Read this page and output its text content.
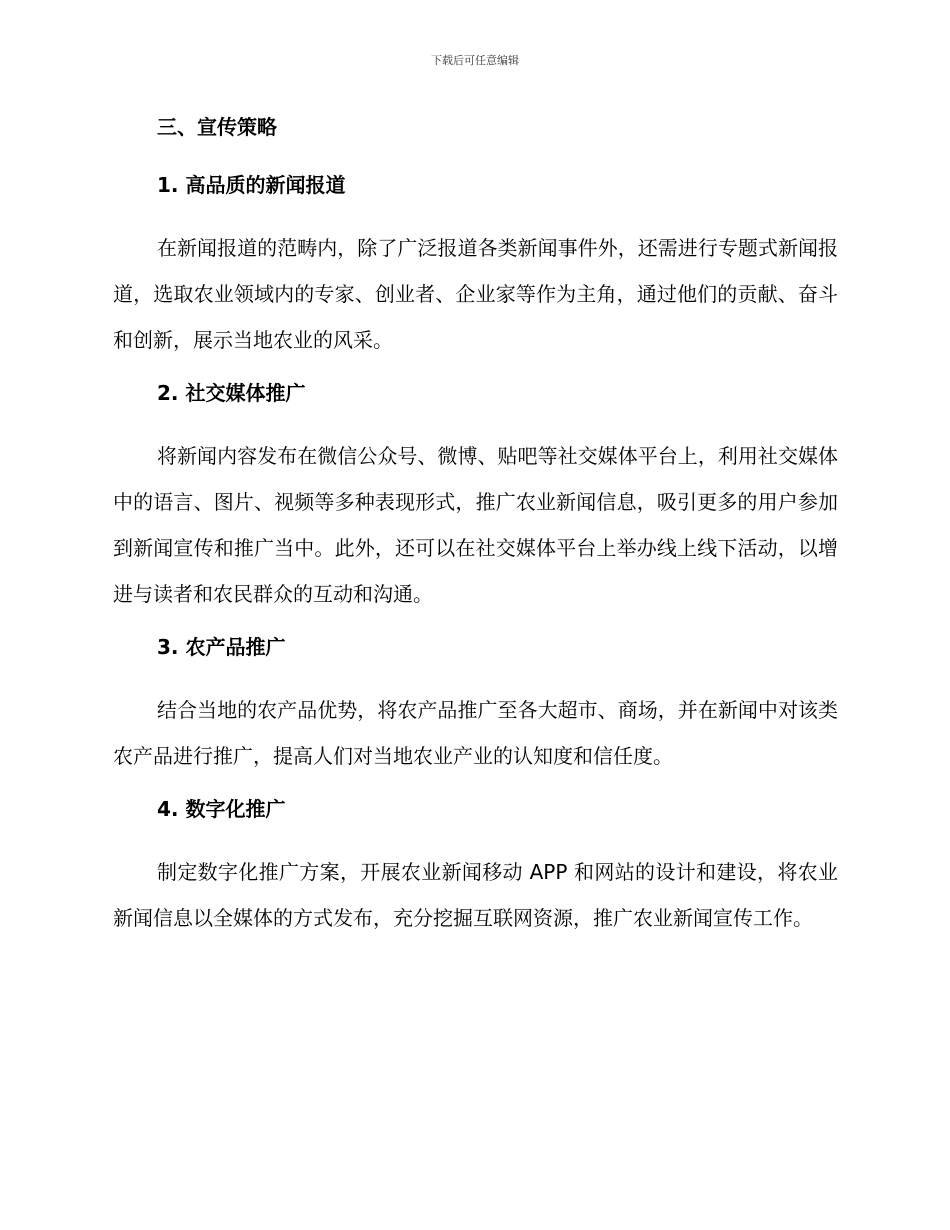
下载后可任意编辑
三、宣传策略
1. 高品质的新闻报道

在新闻报道的范畴内，除了广泛报道各类新闻事件外，还需进行专题式新闻报道，选取农业领域内的专家、创业者、企业家等作为主角，通过他们的贡献、奋斗和创新，展示当地农业的风采。

2. 社交媒体推广

将新闻内容发布在微信公众号、微博、贴吧等社交媒体平台上，利用社交媒体中的语言、图片、视频等多种表现形式，推广农业新闻信息，吸引更多的用户参加到新闻宣传和推广当中。此外，还可以在社交媒体平台上举办线上线下活动，以增进与读者和农民群众的互动和沟通。

3. 农产品推广

结合当地的农产品优势，将农产品推广至各大超市、商场，并在新闻中对该类农产品进行推广，提高人们对当地农业产业的认知度和信任度。

4. 数字化推广

制定数字化推广方案，开展农业新闻移动 APP 和网站的设计和建设，将农业新闻信息以全媒体的方式发布，充分挖掘互联网资源，推广农业新闻宣传工作。
